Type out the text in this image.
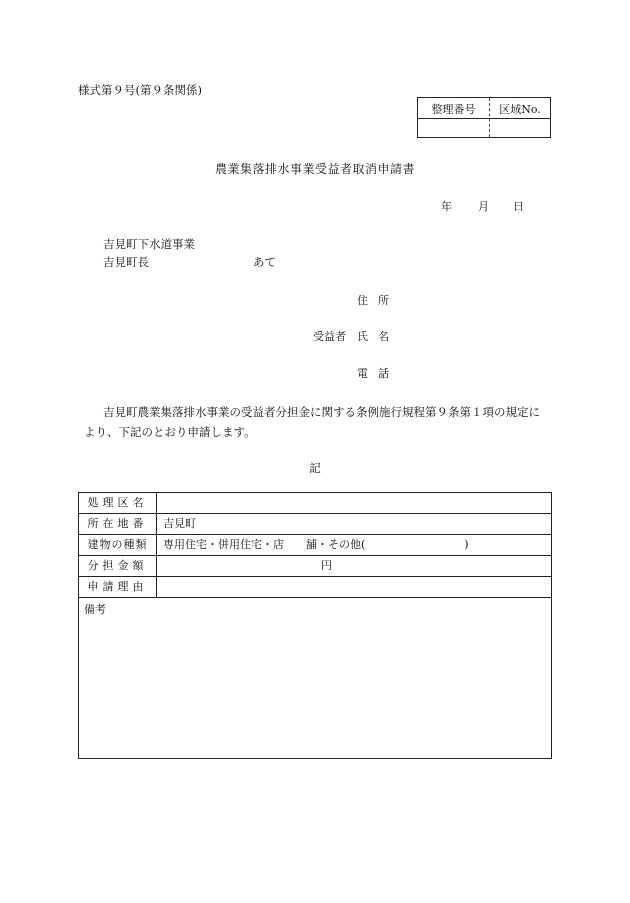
様式第９号(第９条関係)
整理番号	区域No.
農業集落排水事業受益者取消申請書
年 月 日
吉見町下水道事業
吉見町長	あて
住所
受益者 氏名
電話
吉見町農業集落排水事業の受益者分担金に関する条例施行規程第９条第１項の規定に
より、下記のとおり申請します。
記
処理区名
所在地番	吉見町
建物の種類	専用住宅・併用住宅・店　　舗・その他(　　　　　　　　　)
分担金額	円
申請理由
備考
